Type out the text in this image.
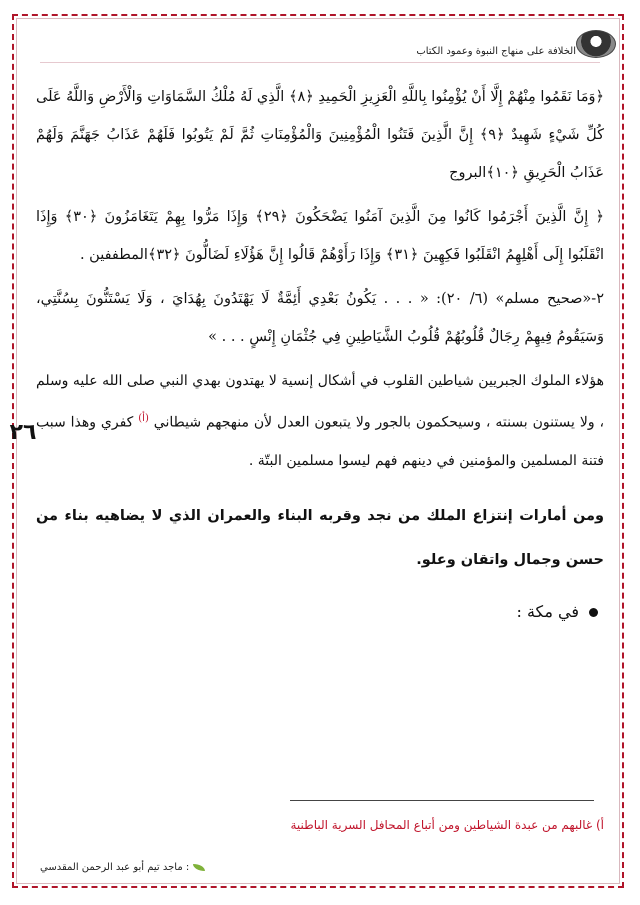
الخلافة على منهاج النبوة وعمود الكتاب
٢٦

﴿وَمَا نَقَمُوا مِنْهُمْ إِلَّا أَنْ يُؤْمِنُوا بِاللَّهِ الْعَزِيزِ الْحَمِيدِ ﴿٨﴾ الَّذِي لَهُ مُلْكُ السَّمَاوَاتِ وَالْأَرْضِ وَاللَّهُ عَلَى كُلِّ شَيْءٍ شَهِيدٌ ﴿٩﴾ إِنَّ الَّذِينَ فَتَنُوا الْمُؤْمِنِينَ وَالْمُؤْمِنَاتِ ثُمَّ لَمْ يَتُوبُوا فَلَهُمْ عَذَابُ جَهَنَّمَ وَلَهُمْ عَذَابُ الْحَرِيقِ ﴿١٠﴾البروج

﴿ إِنَّ الَّذِينَ أَجْرَمُوا كَانُوا مِنَ الَّذِينَ آمَنُوا يَضْحَكُونَ ﴿٢٩﴾ وَإِذَا مَرُّوا بِهِمْ يَتَغَامَزُونَ ﴿٣٠﴾ وَإِذَا انْقَلَبُوا إِلَى أَهْلِهِمُ انْقَلَبُوا فَكِهِينَ ﴿٣١﴾ وَإِذَا رَأَوْهُمْ قَالُوا إِنَّ هَؤُلَاءِ لَضَالُّونَ ﴿٣٢﴾المطففين .

٢-«صحيح مسلم» (٦/ ٢٠): « . . . يَكُونُ بَعْدِي أَئِمَّةٌ لَا يَهْتَدُونَ بِهُدَايَ ، وَلَا يَسْتَنُّونَ بِسُنَّتِي، وَسَيَقُومُ فِيهِمْ رِجَالٌ قُلُوبُهُمْ قُلُوبُ الشَّيَاطِينِ فِي جُثْمَانِ إِنْسٍ . . . »

هؤلاء الملوك الجبريين شياطين القلوب في أشكال إنسية لا يهتدون بهدي النبي صلى الله عليه وسلم ، ولا يستنون بسنته ، وسيحكمون بالجور ولا يتبعون العدل لأن منهجهم شيطاني $^{(أ)}$ كفري وهذا سبب فتنة المسلمين والمؤمنين في دينهم فهم ليسوا مسلمين البتّة .

ومن أمارات إنتزاع الملك من نجد وقربه البناء والعمران الذي لا يضاهيه بناء من حسن وجمال واتقان وعلو.

في مكة :
أ) غالبهم من عبدة الشياطين ومن أتباع المحافل السرية الباطنية
: ماجد تيم أبو عبد الرحمن المقدسي
